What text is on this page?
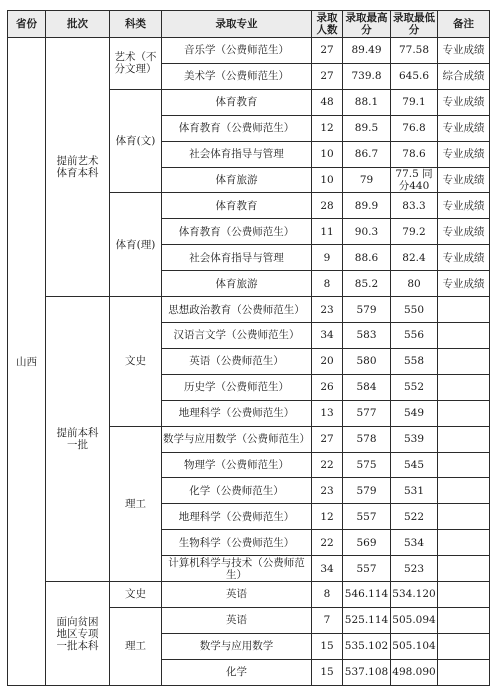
省份	批次	科类	录取专业	录取人数	录取最高分	录取最低分	备注
山西	提前艺术体育本科	艺术（不分文理）	音乐学（公费师范生）	27	89.49	77.58	专业成绩
			美术学（公费师范生）	27	739.8	645.6	综合成绩
		体育(文)	体育教育	48	88.1	79.1	专业成绩
			体育教育（公费师范生）	12	89.5	76.8	专业成绩
			社会体育指导与管理	10	86.7	78.6	专业成绩
			体育旅游	10	79	77.5 同分440	专业成绩
		体育(理)	体育教育	28	89.9	83.3	专业成绩
			体育教育（公费师范生）	11	90.3	79.2	专业成绩
			社会体育指导与管理	9	88.6	82.4	专业成绩
			体育旅游	8	85.2	80	专业成绩
	提前本科一批	文史	思想政治教育（公费师范生）	23	579	550	
			汉语言文学（公费师范生）	34	583	556	
			英语（公费师范生）	20	580	558	
			历史学（公费师范生）	26	584	552	
			地理科学（公费师范生）	13	577	549	
		理工	数学与应用数学（公费师范生）	27	578	539	
			物理学（公费师范生）	22	575	545	
			化学（公费师范生）	23	579	531	
			地理科学（公费师范生）	12	557	522	
			生物科学（公费师范生）	22	569	534	
			计算机科学与技术（公费师范生）	34	557	523	
	面向贫困地区专项一批本科	文史	英语	8	546.114	534.120	
		理工	英语	7	525.114	505.094	
			数学与应用数学	15	535.102	505.104	
			化学	15	537.108	498.090	
